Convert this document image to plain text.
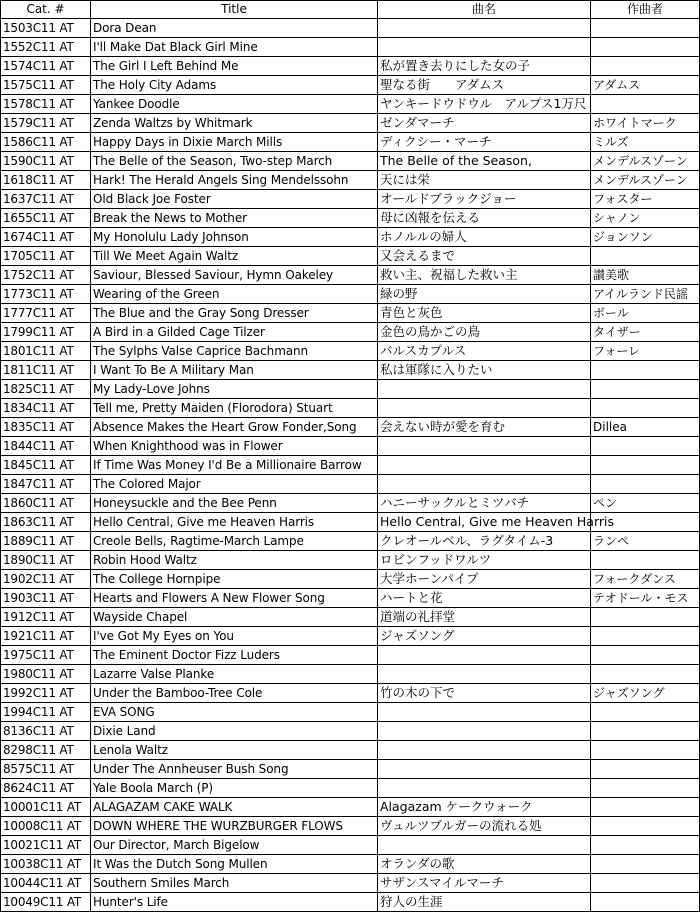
Cat. #	Title	曲名	作曲者
1503C11 AT	Dora Dean		
1552C11 AT	I'll Make Dat Black Girl Mine		
1574C11 AT	The Girl I Left Behind Me	私が置き去りにした女の子	
1575C11 AT	The Holy City Adams	聖なる街　　アダムス	アダムス
1578C11 AT	Yankee Doodle	ヤンキードウドウル　アルプス1万尺	
1579C11 AT	Zenda Waltzs by Whitmark	ゼンダマーチ	ホワイトマーク
1586C11 AT	Happy Days in Dixie March Mills	ディクシー・マーチ	ミルズ
1590C11 AT	The Belle of the Season, Two-step March	The Belle of the Season,	メンデルスゾーン
1618C11 AT	Hark! The Herald Angels Sing Mendelssohn	天には栄	メンデルスゾーン
1637C11 AT	Old Black Joe Foster	オールドブラックジョー	フォスター
1655C11 AT	Break the News to Mother	母に凶報を伝える	シャノン
1674C11 AT	My Honolulu Lady Johnson	ホノルルの婦人	ジョンソン
1705C11 AT	Till We Meet Again Waltz	又会えるまで	
1752C11 AT	Saviour, Blessed Saviour, Hymn Oakeley	救い主、祝福した救い主	讃美歌
1773C11 AT	Wearing of the Green	緑の野	アイルランド民謡
1777C11 AT	The Blue and the Gray Song Dresser	青色と灰色	ボール
1799C11 AT	A Bird in a Gilded Cage Tilzer	金色の鳥かごの鳥	タイザー
1801C11 AT	The Sylphs Valse Caprice Bachmann	バルスカプルス	フォーレ
1811C11 AT	I Want To Be A Military Man	私は軍隊に入りたい	
1825C11 AT	My Lady-Love Johns		
1834C11 AT	Tell me, Pretty Maiden (Florodora) Stuart		
1835C11 AT	Absence Makes the Heart Grow Fonder,Song	会えない時が愛を育む	Dillea
1844C11 AT	When Knighthood was in Flower		
1845C11 AT	If Time Was Money I'd Be a Millionaire Barrow		
1847C11 AT	The Colored Major		
1860C11 AT	Honeysuckle and the Bee Penn	ハニーサックルとミツバチ	ペン
1863C11 AT	Hello Central, Give me Heaven Harris	Hello Central, Give me Heaven Harris	
1889C11 AT	Creole Bells, Ragtime-March Lampe	クレオールベル、ラグタイム-3	ランペ
1890C11 AT	Robin Hood Waltz	ロビンフッドワルツ	
1902C11 AT	The College Hornpipe	大学ホーンパイプ	フォークダンス
1903C11 AT	Hearts and Flowers A New Flower Song	ハートと花	テオドール・モス
1912C11 AT	Wayside Chapel	道端の礼拝堂	
1921C11 AT	I've Got My Eyes on You	ジャズソング	
1975C11 AT	The Eminent Doctor Fizz Luders		
1980C11 AT	Lazarre Valse Planke		
1992C11 AT	Under the Bamboo-Tree Cole	竹の木の下で	ジャズソング
1994C11 AT	EVA SONG		
8136C11 AT	Dixie Land		
8298C11 AT	Lenola Waltz		
8575C11 AT	Under The Annheuser Bush Song		
8624C11 AT	Yale Boola March (P)		
10001C11 AT	ALAGAZAM CAKE WALK	Alagazam ケークウォーク	
10008C11 AT	DOWN WHERE THE WURZBURGER FLOWS	ヴュルツブルガーの流れる処	
10021C11 AT	Our Director, March Bigelow		
10038C11 AT	It Was the Dutch Song Mullen	オランダの歌	
10044C11 AT	Southern Smiles March	サザンスマイルマーチ	
10049C11 AT	Hunter's Life	狩人の生涯	
